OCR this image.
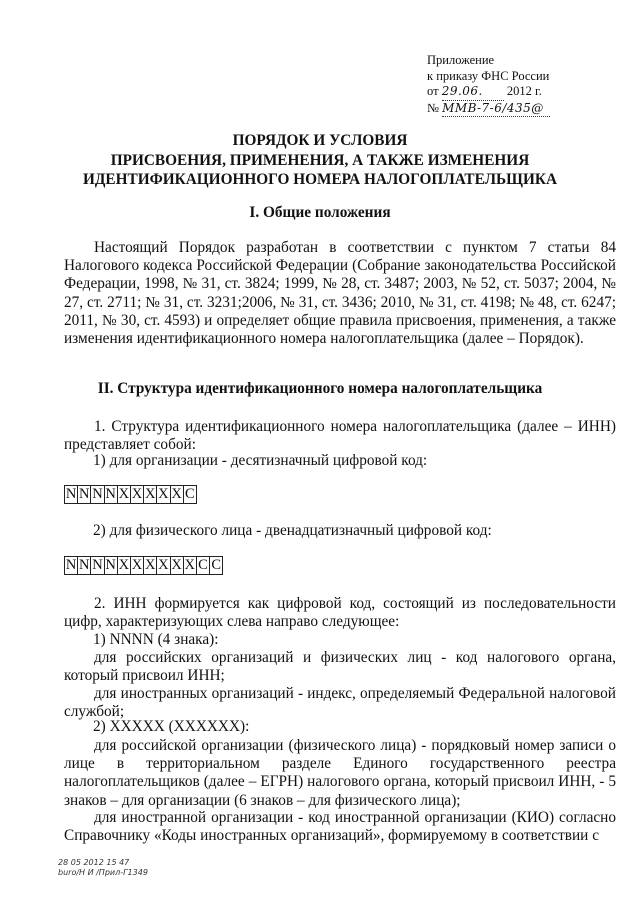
Приложение
к приказу ФНС России
от 29.06. 2012 г.
№ ММВ-7-6/435@
ПОРЯДОК И УСЛОВИЯ
ПРИСВОЕНИЯ, ПРИМЕНЕНИЯ, А ТАКЖЕ ИЗМЕНЕНИЯ
ИДЕНТИФИКАЦИОННОГО НОМЕРА НАЛОГОПЛАТЕЛЬЩИКА
I. Общие положения

Настоящий Порядок разработан в соответствии с пунктом 7 статьи 84 Налогового кодекса Российской Федерации (Собрание законодательства Российской Федерации, 1998, № 31, ст. 3824; 1999, № 28, ст. 3487; 2003, № 52, ст. 5037; 2004, № 27, ст. 2711; № 31, ст. 3231;2006, № 31, ст. 3436; 2010, № 31, ст. 4198; № 48, ст. 6247; 2011, № 30, ст. 4593) и определяет общие правила присвоения, применения, а также изменения идентификационного номера налогоплательщика (далее – Порядок).

II. Структура идентификационного номера налогоплательщика

1. Структура идентификационного номера налогоплательщика (далее – ИНН) представляет собой:

1) для организации - десятизначный цифровой код:
N N N N X X X X X C
2) для физического лица - двенадцатизначный цифровой код:
N N N N X X X X X X C C

2. ИНН формируется как цифровой код, состоящий из последовательности цифр, характеризующих слева направо следующее:

1) NNNN (4 знака):

для российских организаций и физических лиц - код налогового органа, который присвоил ИНН;

для иностранных организаций - индекс, определяемый Федеральной налоговой службой;

2) XXXXX (XXXXXX):

для российской организации (физического лица) - порядковый номер записи о лице в территориальном разделе Единого государственного реестра налогоплательщиков (далее – ЕГРН) налогового органа, который присвоил ИНН, - 5 знаков – для организации (6 знаков – для физического лица);

для иностранной организации - код иностранной организации (КИО) согласно Справочнику «Коды иностранных организаций», формируемому в соответствии с

28 05 2012 15 47
buro/Н И /Прил-Г1349
